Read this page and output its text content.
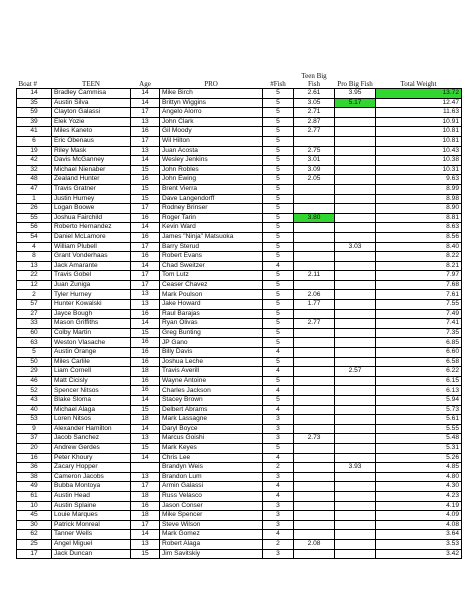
Boat #	TEEN	Age	PRO	#Fish	Teen Big Fish	Pro Big Fish	Total Weight
14	Bradley Cammisa	14	Mike Birch	5	2.61	3.95	13.72
35	Austin Silva	14	Brittyn Wiggins	5	3.05	5.17	12.47
59	Clayton Galassi	17	Angelo Alorro	5	2.71		11.63
39	Elek Yozie	13	John Clark	5	2.87		10.91
41	Miles Kaneto	16	Gil Moody	5	2.77		10.81
6	Eric Obenaus	17	Wil Hilton	5			10.81
19	Riley Mask	13	Juan Acosta	5	2.75		10.43
42	Davis McGanney	14	Wesley Jenkins	5	3.01		10.38
32	Michael Nienaber	15	John Robles	5	3.09		10.31
48	Zealand Hunter	16	John Ewing	5	2.05		9.63
47	Travis Gratner	15	Brent Vierra	5			8.99
1	Justin Hurney	15	Dave Langendorff	5			8.98
26	Logan Boowe	17	Rodney Brinser	5			8.90
55	Joshua Fairchild	16	Roger Tarin	5	3.80		8.81
56	Roberto Hernandez	14	Kevin Ward	5			8.63
54	Daniel McLamore	16	James "Ninja" Matsuoka	5			8.56
4	William Plubell	17	Barry Sterud	5		3.03	8.40
8	Grant Vonderhaas	16	Robert Evans	5			8.22
13	Jack Amarante	14	Chad Sweitzer	4			8.21
22	Travis Gobel	17	Tom Lutz	5	2.11		7.97
12	Juan Zuniga	17	Ceaser Chavez	5			7.68
2	Tyler Hurney	13	Mark Poulson	5	2.06		7.61
57	Hunter Kowalski	13	Jake Howard	5	1.77		7.55
27	Jayce Bough	16	Raul Barajas	5			7.49
33	Mason Griffiths	14	Ryan Olivas	5	2.77		7.41
60	Colby Martin	15	Greg Bunting	5			7.35
63	Weston Vlasache	16	JP Gano	5			6.85
5	Austin Orange	16	Billy Davis	4			6.60
50	Miles Carlile	16	Joshua Leche	5			6.58
29	Liam Cornell	18	Travis Averill	4		2.57	6.22
46	Matt Cicisly	16	Wayne Antoine	5			6.15
52	Spencer Nitsos	16	Charles Jackson	4			6.13
43	Blake Sloma	14	Stacey Brown	5			5.94
40	Michael Alaga	15	Delbert Abrams	4			5.73
53	Loren Nitsos	18	Mark Lassagne	3			5.61
9	Alexander Hamilton	14	Daryl Boyce	3			5.55
37	Jacob Sanchez	13	Marcus Goishi	3	2.73		5.48
20	Andrew Gerdes	15	Mark Keyes	5			5.31
16	Peter Khoury	14	Chris Lee	4			5.26
36	Zacary Hopper		Brandyn Weis	2		3.93	4.85
38	Cameron Jacobs	13	Brandon Lum	3			4.80
49	Bubba Montoya	17	Armin Galassi	4			4.30
61	Austin Head	18	Russ Velasco	4			4.23
10	Austin Splaine	16	Jason Conser	3			4.19
45	Louie Marques	18	Mike Spencer	3			4.09
30	Patrick Monreal	17	Steve Wilson	3			4.08
62	Tanner Wells	14	Mark Gomez	4			3.64
25	Angel Miguel	13	Robert Alaga	2	2.08		3.53
17	Jack Duncan	15	Jim Savitskiy	3			3.42
